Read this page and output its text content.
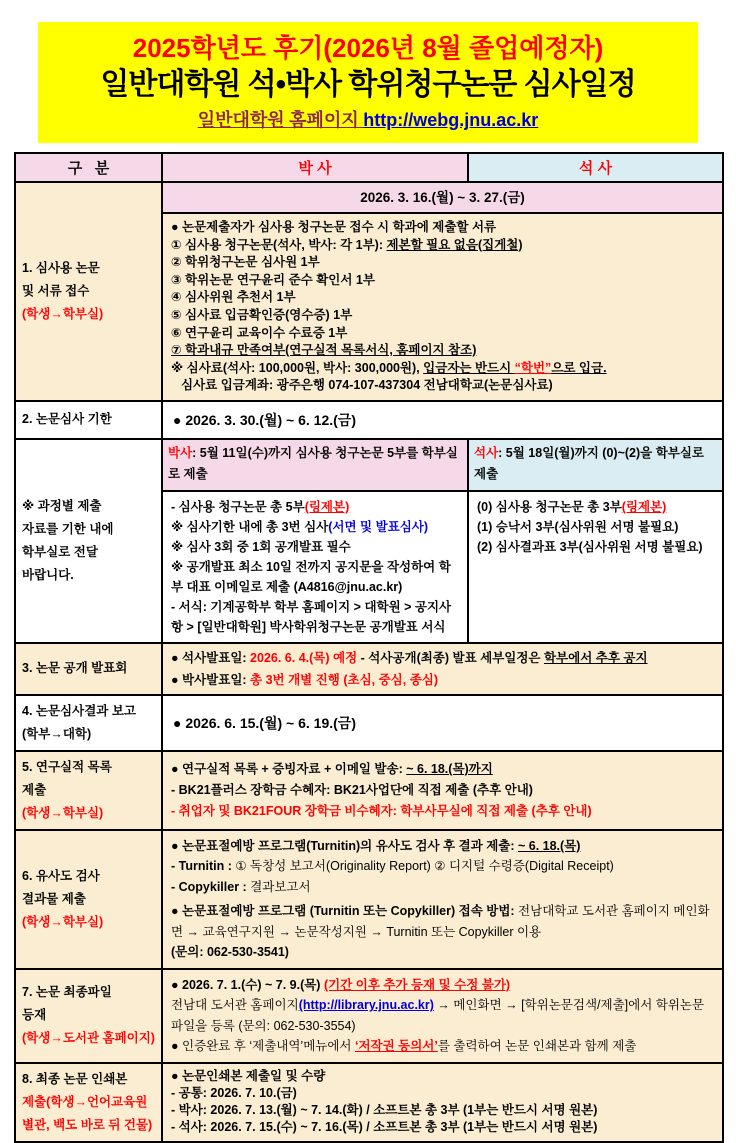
2025학년도 후기(2026년 8월 졸업예정자)
일반대학원 석•박사 학위청구논문 심사일정
일반대학원 홈페이지 http://webg.jnu.ac.kr
구   분	박 사	석 사

1. 심사용 논문
및 서류 접수
(학생→학부실)

2026. 3. 16.(월) ~ 3. 27.(금)
● 논문제출자가 심사용 청구논문 접수 시 학과에 제출할 서류
① 심사용 청구논문(석사, 박사: 각 1부): 제본할 필요 없음(집게철)
② 학위청구논문 심사원 1부
③ 학위논문 연구윤리 준수 확인서 1부
④ 심사위원 추천서 1부
⑤ 심사료 입금확인증(영수증) 1부
⑥ 연구윤리 교육이수 수료증 1부
⑦ 학과내규 만족여부(연구실적 목록서식, 홈페이지 참조)
※ 심사료(석사: 100,000원, 박사: 300,000원), 입금자는 반드시 “학번”으로 입금.
심사료 입금계좌: 광주은행 074-107-437304 전남대학교(논문심사료)

2. 논문심사 기한	● 2026. 3. 30.(월) ~ 6. 12.(금)	

※ 과정별 제출
자료를 기한 내에
학부실로 전달
바랍니다.

박사: 5월 11일(수)까지 심사용 청구논문 5부를 학부실로 제출
- 심사용 청구논문 총 5부(링제본)
※ 심사기한 내에 총 3번 심사(서면 및 발표심사)
※ 심사 3회 중 1회 공개발표 필수
※ 공개발표 최소 10일 전까지 공지문을 작성하여 학부 대표 이메일로 제출 (A4816@jnu.ac.kr)
- 서식: 기계공학부 학부 홈페이지 > 대학원 > 공지사항 > [일반대학원] 박사학위청구논문 공개발표 서식

석사: 5월 18일(월)까지 (0)~(2)을 학부실로 제출
(0) 심사용 청구논문 총 3부(링제본)
(1) 승낙서 3부(심사위원 서명 불필요)
(2) 심사결과표 3부(심사위원 서명 불필요)

3. 논문 공개 발표회	● 석사발표일: 2026. 6. 4.(목) 예정 - 석사공개(최종) 발표 세부일정은 학부에서 추후 공지
● 박사발표일: 총 3번 개별 진행 (초심, 중심, 종심)	

4. 논문심사결과 보고
(학부→대학)	● 2026. 6. 15.(월) ~ 6. 19.(금)	

5. 연구실적 목록
제출
(학생→학부실)

● 연구실적 목록 + 증빙자료 + 이메일 발송: ~ 6. 18.(목)까지
- BK21플러스 장학금 수혜자: BK21사업단에 직접 제출 (추후 안내)
- 취업자 및 BK21FOUR 장학금 비수혜자: 학부사무실에 직접 제출 (추후 안내)

6. 유사도 검사
결과물 제출
(학생→학부실)

● 논문표절예방 프로그램(Turnitin)의 유사도 검사 후 결과 제출: ~ 6. 18.(목)
- Turnitin : ① 독창성 보고서(Originality Report) ② 디지털 수령증(Digital Receipt)
- Copykiller : 결과보고서
● 논문표절예방 프로그램 (Turnitin 또는 Copykiller) 접속 방법: 전남대학교 도서관 홈페이지 메인화면 → 교육연구지원 → 논문작성지원 → Turnitin 또는 Copykiller 이용
(문의: 062-530-3541)

7. 논문 최종파일
등재
(학생→도서관 홈페이지)

● 2026. 7. 1.(수) ~ 7. 9.(목) (기간 이후 추가 등재 및 수정 불가)
전남대 도서관 홈페이지(http://library.jnu.ac.kr) → 메인화면 → [학위논문검색/제출]에서 학위논문 파일을 등록 (문의: 062-530-3554)
● 인증완료 후 ‘제출내역’메뉴에서 ‘저작권 동의서’를 출력하여 논문 인쇄본과 함께 제출

8. 최종 논문 인쇄본
제출(학생→언어교육원
별관, 백도 바로 뒤 건물)

● 논문인쇄본 제출일 및 수량
- 공통: 2026. 7. 10.(금)
- 박사: 2026. 7. 13.(월) ~ 7. 14.(화) / 소프트본 총 3부 (1부는 반드시 서명 원본)
- 석사: 2026. 7. 15.(수) ~ 7. 16.(목) / 소프트본 총 3부 (1부는 반드시 서명 원본)
